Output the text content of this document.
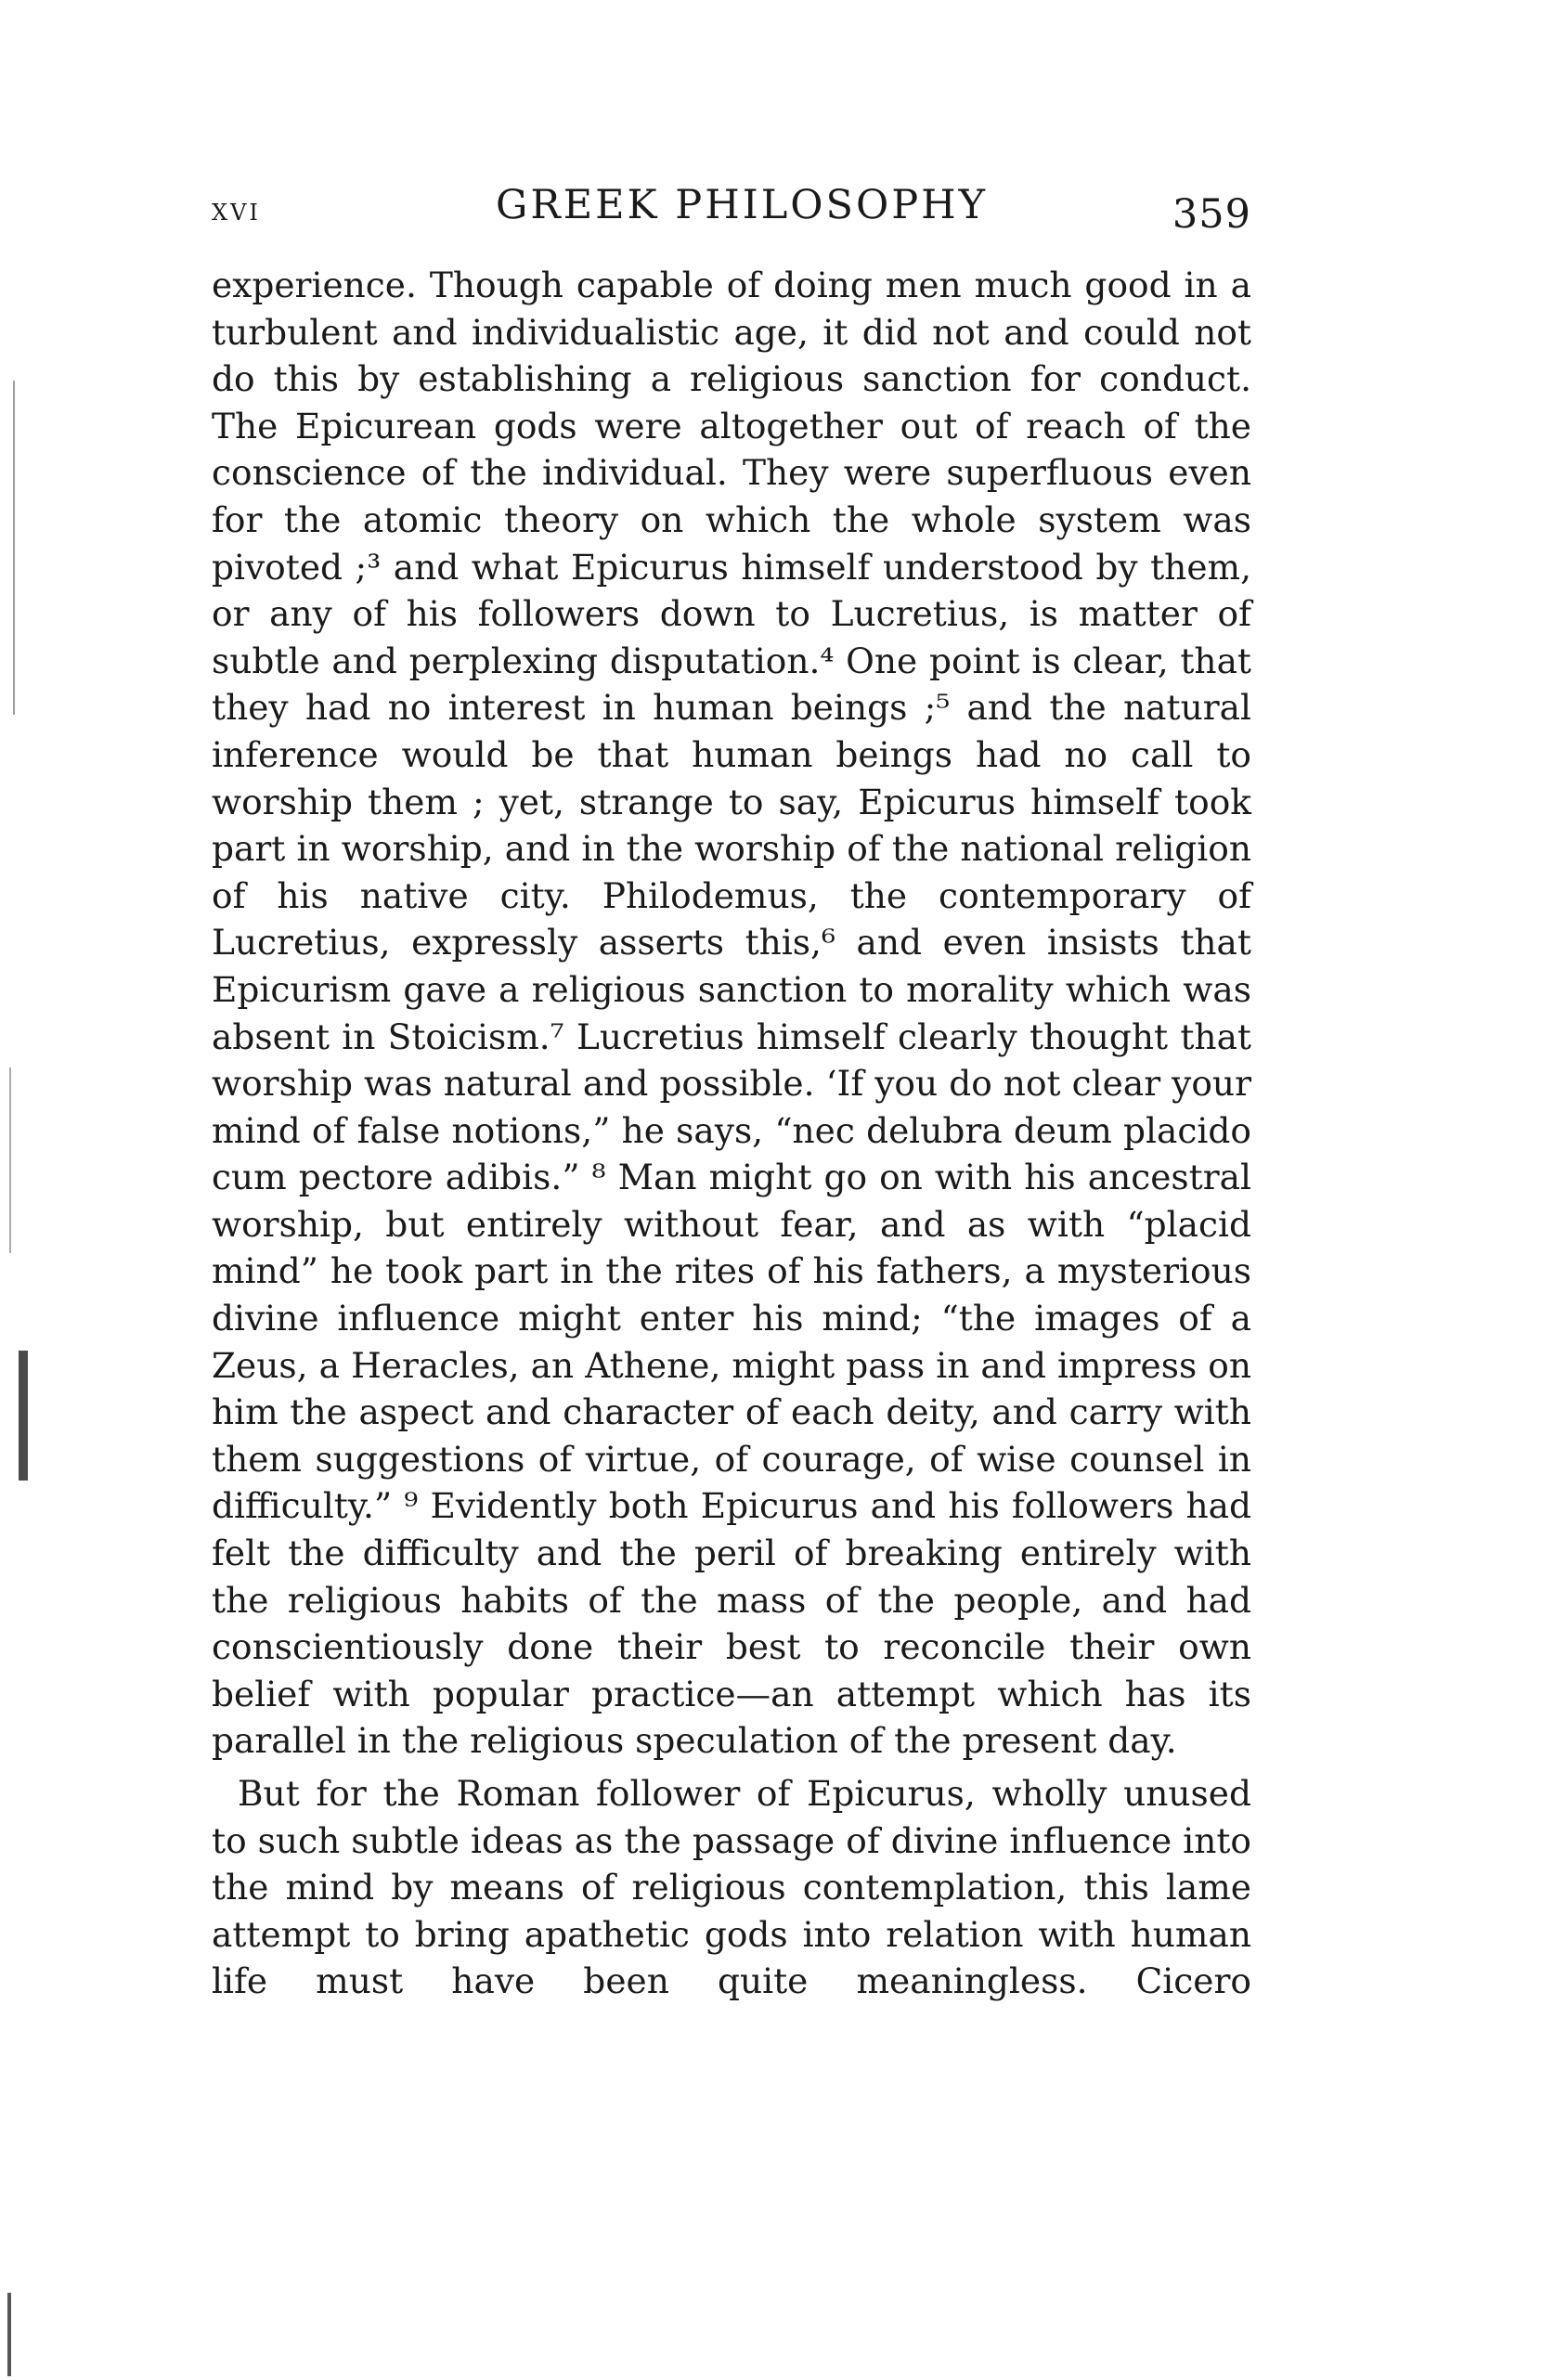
xvi	GREEK PHILOSOPHY	359

experience. Though capable of doing men much good in a turbulent and individualistic age, it did not and could not do this by establishing a religious sanction for conduct. The Epicurean gods were altogether out of reach of the conscience of the individual. They were superfluous even for the atomic theory on which the whole system was pivoted ;³ and what Epicurus himself understood by them, or any of his followers down to Lucretius, is matter of subtle and perplexing disputation.⁴ One point is clear, that they had no interest in human beings ;⁵ and the natural inference would be that human beings had no call to worship them ; yet, strange to say, Epicurus himself took part in worship, and in the worship of the national religion of his native city. Philodemus, the contemporary of Lucretius, expressly asserts this,⁶ and even insists that Epicurism gave a religious sanction to morality which was absent in Stoicism.⁷ Lucretius himself clearly thought that worship was natural and possible. ‘If you do not clear your mind of false notions,” he says, “nec delubra deum placido cum pectore adibis.” ⁸ Man might go on with his ancestral worship, but entirely without fear, and as with “placid mind” he took part in the rites of his fathers, a mysterious divine influence might enter his mind; “the images of a Zeus, a Heracles, an Athene, might pass in and impress on him the aspect and character of each deity, and carry with them suggestions of virtue, of courage, of wise counsel in difficulty.” ⁹ Evidently both Epicurus and his followers had felt the difficulty and the peril of breaking entirely with the religious habits of the mass of the people, and had conscientiously done their best to reconcile their own belief with popular practice—an attempt which has its parallel in the religious speculation of the present day.

But for the Roman follower of Epicurus, wholly unused to such subtle ideas as the passage of divine influence into the mind by means of religious contemplation, this lame attempt to bring apathetic gods into relation with human life must have been quite meaningless. Cicero
